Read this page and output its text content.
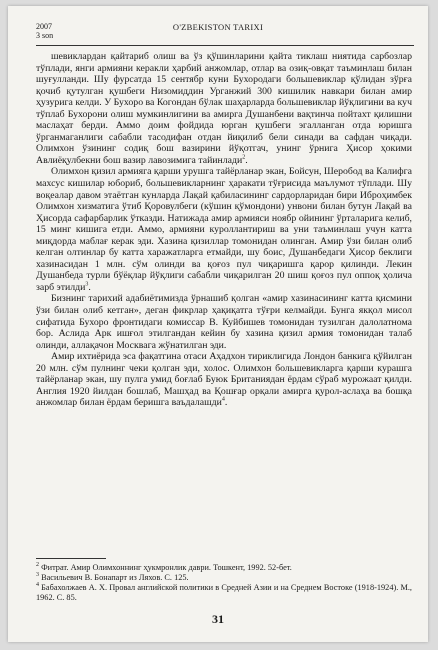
2007
3 son
O'ZBEKISTON TARIXI

шевиклардан қайтариб олиш ва ўз қўшинларини қайта тиклаш ниятида сарбозлар тўплади, янги армияни керакли ҳарбий анжомлар, отлар ва озиқ-овқат таъминлаш билан шуғулланди. Шу фурсатда 15 сентябр куни Бухородаги большевиклар қўлидан зўрға қочиб қутулган қушбеги Низомиддин Урганжий 300 кишилик навкари билан амир ҳузурига келди. У Бухоро ва Когондан бўлак шаҳарларда большевиклар йўқлигини ва куч тўплаб Бухорони олиш мумкинлигини ва амирга Душанбени вақтинча пойтахт қилишни маслаҳат берди. Аммо доим фойдида юрган қушбеги эгалланган отда юришга ўрганмаганлиги сабабли тасодифан отдан йиқилиб бели синади ва сафдан чиқади. Олимхон ўзининг содиқ бош вазирини йўқотгач, унинг ўрнига Ҳисор ҳокими Авлиёқулбекни бош вазир лавозимига тайинлади$^2$.

Олимхон қизил армияга қарши урушга тайёрланар экан, Бойсун, Шеробод ва Калифга махсус кишилар юбориб, большевикларнинг ҳаракати тўғрисида маълумот тўплади. Шу воқеалар давом этаётган кунларда Лақай қабиласининг сардорларидан бири Иброҳимбек Олимхон хизматига ўтиб Қоровулбеги (кўшин қўмондони) унвони билан бутун Лақай ва Ҳисорда сафарбарлик ўтказди. Натижада амир армияси ноябр ойининг ўрталарига келиб, 15 минг кишига етди. Аммо, армияни куроллантириш ва уни таъминлаш учун катта миқдорда маблағ керак эди. Хазина қизиллар томонидан олинган. Амир ўзи билан олиб келган олтинлар бу катта харажатларга етмайди, шу боис, Душанбедаги Ҳисор беклиги хазинасидан 1 млн. сўм олинди ва қоғоз пул чиқаришга қарор қилинди. Лекин Душанбеда турли бўёқлар йўқлиги сабабли чиқарилган 20 шиш қоғоз пул оппоқ ҳолича зарб этилди$^3$.

Бизнинг тарихий адабиётимизда ўрнашиб қолган «амир хазинасининг катта қисмини ўзи билан олиб кетган», деган фикрлар ҳақиқатга тўғри келмайди. Бунга якқол мисол сифатида Бухоро фронтидаги комиссар В. Куйбишев томонидан тузилган далолатнома бор. Аслида Арк ишғол этилгандан кейин бу хазина қизил армия томонидан талаб олинди, аллақачон Москвага жўнатилган эди.

Амир ихтиёрида эса фақатгина отаси Аҳадхон тириклигида Лондон банкига қўйилган 20 млн. сўм пулнинг чеки қолган эди, холос. Олимхон большевикларга қарши курашга тайёрланар экан, шу пулга умид боғлаб Буюк Британиядан ёрдам сўраб мурожаат қилди. Англия 1920 йилдан бошлаб, Машҳад ва Қошғар орқали амирга қурол-аслаҳа ва бошқа анжомлар билан ёрдам беришга ваъдалашди$^4$.

$^2$ Фитрат. Амир Олимхоннинг ҳукмронлик даври. Тошкент, 1992. 52-бет.

$^3$ Васильевич В. Бонапарт из Ляхов. С. 125.

$^4$ Бабахолжаев А. Х. Провал английской политики в Средней Азии и на Среднем Востоке (1918-1924). М., 1962. С. 85.

31
